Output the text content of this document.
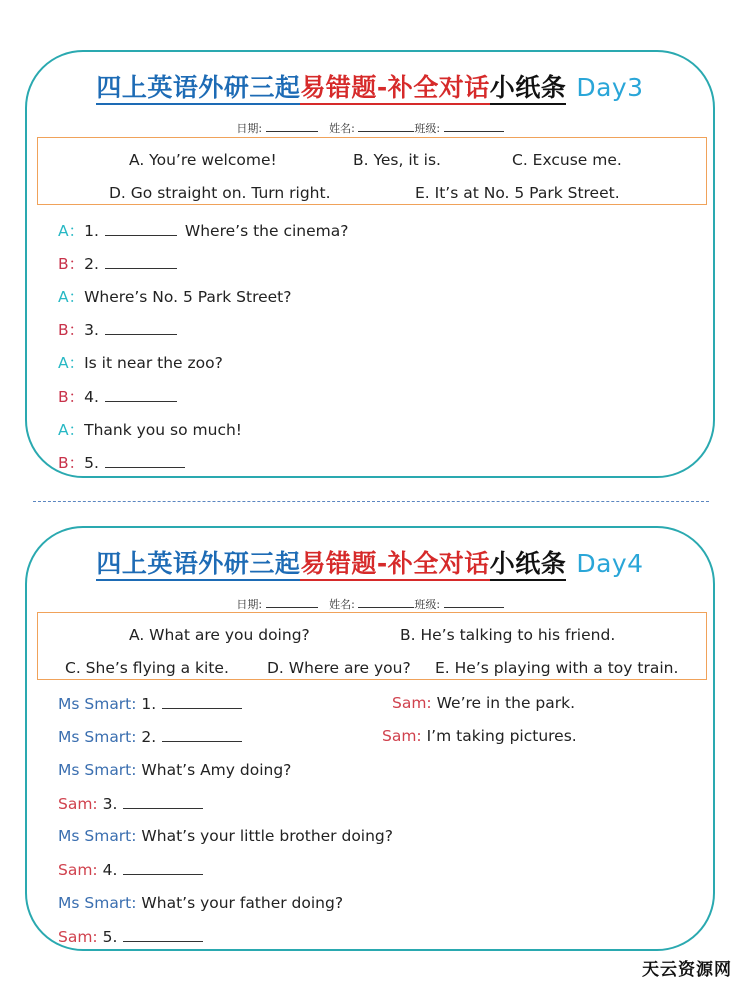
四上英语外研三起易错题-补全对话小纸条 Day3
日期:	姓名:	班级:
A. You’re welcome!	B. Yes, it is.	C. Excuse me.
D. Go straight on. Turn right.	E. It’s at No. 5 Park Street.
A：1.	Where’s the cinema?
B：2.
A：Where’s No. 5 Park Street?
B：3.
A：Is it near the zoo?
B：4.
A：Thank you so much!
B：5.
四上英语外研三起易错题-补全对话小纸条 Day4
日期:	姓名:	班级:
A. What are you doing?	B. He’s talking to his friend.
C. She’s flying a kite. D. Where are you? E. He’s playing with a toy train.
Ms Smart: 1.	Sam: We’re in the park.
Ms Smart: 2.	Sam: I’m taking pictures.
Ms Smart: What’s Amy doing?
Sam: 3.
Ms Smart: What’s your little brother doing?
Sam: 4.
Ms Smart: What’s your father doing?
Sam: 5.
天云资源网
